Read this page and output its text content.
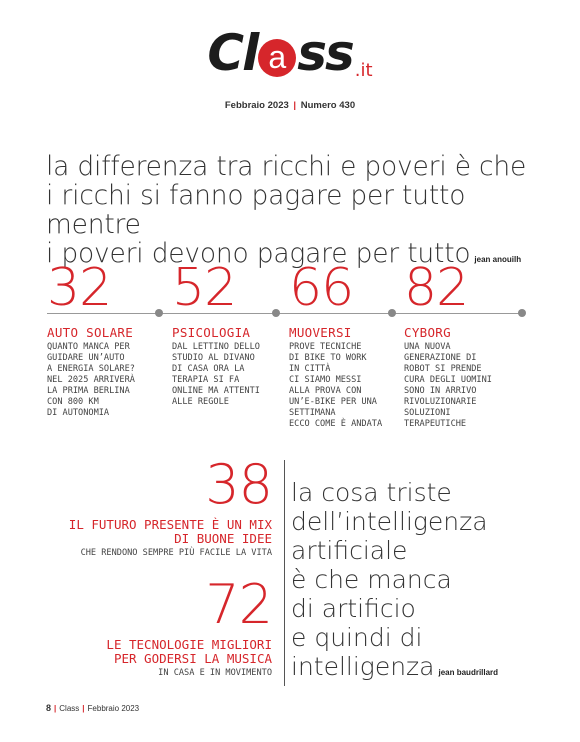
Cl a ss .it
Febbraio 2023 | Numero 430
la differenza tra ricchi e poveri è che
i ricchi si fanno pagare per tutto mentre
i poveri devono pagare per tutto jean anouilh
32
AUTO SOLARE
QUANTO MANCA PER
GUIDARE UN’AUTO
A ENERGIA SOLARE?
NEL 2025 ARRIVERÀ
LA PRIMA BERLINA
CON 800 KM
DI AUTONOMIA
52
PSICOLOGIA
DAL LETTINO DELLO
STUDIO AL DIVANO
DI CASA ORA LA
TERAPIA SI FA
ONLINE MA ATTENTI
ALLE REGOLE
66
MUOVERSI
PROVE TECNICHE
DI BIKE TO WORK
IN CITTÀ
CI SIAMO MESSI
ALLA PROVA CON
UN’E-BIKE PER UNA
SETTIMANA
ECCO COME È ANDATA
82
CYBORG
UNA NUOVA
GENERAZIONE DI
ROBOT SI PRENDE
CURA DEGLI UOMINI
SONO IN ARRIVO
RIVOLUZIONARIE
SOLUZIONI
TERAPEUTICHE
38
IL FUTURO PRESENTE È UN MIX
DI BUONE IDEE
CHE RENDONO SEMPRE PIÙ FACILE LA VITA
72
LE TECNOLOGIE MIGLIORI
PER GODERSI LA MUSICA
IN CASA E IN MOVIMENTO
la cosa triste
dell’intelligenza
artificiale
è che manca
di artificio
e quindi di
intelligenza jean baudrillard
8 | Class | Febbraio 2023
